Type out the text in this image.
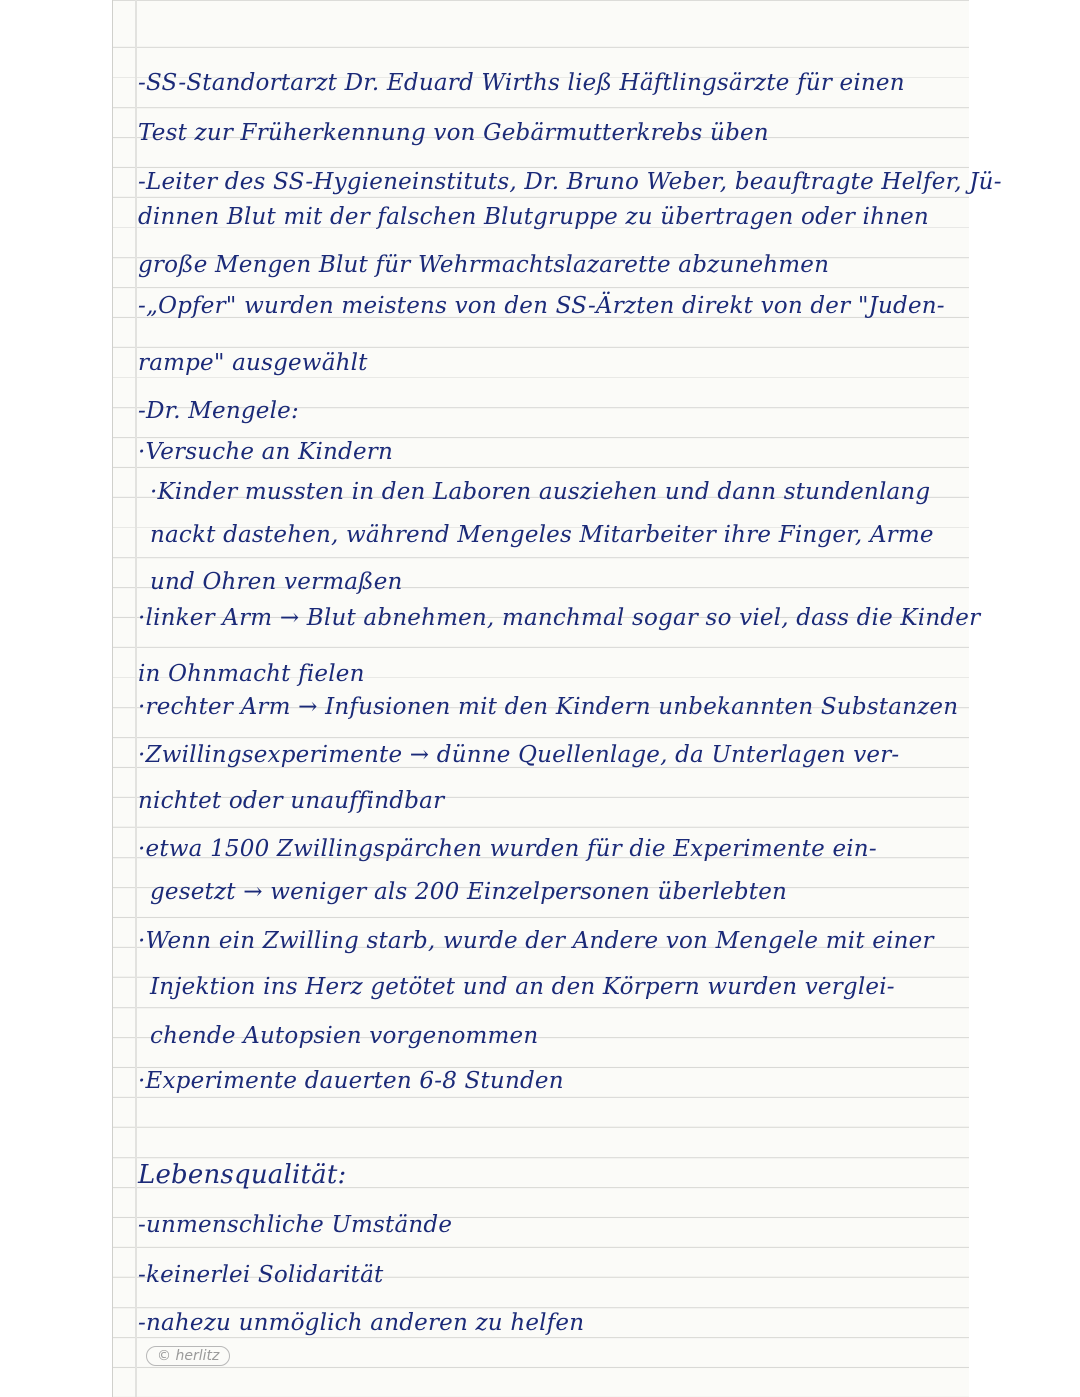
-SS-Standortarzt Dr. Eduard Wirths ließ Häftlingsärzte für einen
Test zur Früherkennung von Gebärmutterkrebs üben
-Leiter des SS-Hygieneinstituts, Dr. Bruno Weber, beauftragte Helfer, Jü-
dinnen Blut mit der falschen Blutgruppe zu übertragen oder ihnen
große Mengen Blut für Wehrmachtslazarette abzunehmen
-„Opfer" wurden meistens von den SS-Ärzten direkt von der "Juden-
rampe" ausgewählt
-Dr. Mengele:
·Versuche an Kindern
·Kinder mussten in den Laboren ausziehen und dann stundenlang
nackt dastehen, während Mengeles Mitarbeiter ihre Finger, Arme
und Ohren vermaßen
·linker Arm → Blut abnehmen, manchmal sogar so viel, dass die Kinder
in Ohnmacht fielen
·rechter Arm → Infusionen mit den Kindern unbekannten Substanzen
·Zwillingsexperimente → dünne Quellenlage, da Unterlagen ver-
nichtet oder unauffindbar
·etwa 1500 Zwillingspärchen wurden für die Experimente ein-
gesetzt → weniger als 200 Einzelpersonen überlebten
·Wenn ein Zwilling starb, wurde der Andere von Mengele mit einer
Injektion ins Herz getötet und an den Körpern wurden verglei-
chende Autopsien vorgenommen
·Experimente dauerten 6-8 Stunden
Lebensqualität:
-unmenschliche Umstände
-keinerlei Solidarität
-nahezu unmöglich anderen zu helfen
© herlitz
